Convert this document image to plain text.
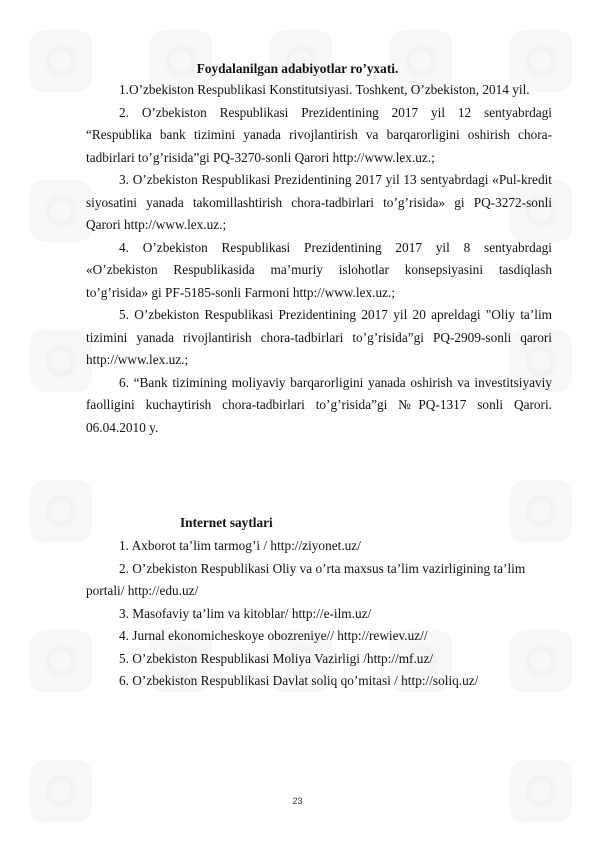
Foydalanilgan adabiyotlar ro’yxati.

1.O’zbekiston Respublikasi Konstitutsiyasi. Toshkent, O’zbekiston, 2014 yil.

2. O’zbekiston Respublikasi Prezidentining 2017 yil 12 sentyabrdagi “Respublika bank tizimini yanada rivojlantirish va barqarorligini oshirish chora-tadbirlari to’g’risida”gi PQ-3270-sonli Qarori http://www.lex.uz.;

3. O’zbekiston Respublikasi Prezidentining 2017 yil 13 sentyabrdagi «Pul-kredit siyosatini yanada takomillashtirish chora-tadbirlari to’g’risida» gi PQ-3272-sonli Qarori http://www.lex.uz.;

4. O’zbekiston Respublikasi Prezidentining 2017 yil 8 sentyabrdagi «O’zbekiston Respublikasida ma’muriy islohotlar konsepsiyasini tasdiqlash to’g’risida» gi PF-5185-sonli Farmoni http://www.lex.uz.;

5. O’zbekiston Respublikasi Prezidentining 2017 yil 20 apreldagi "Oliy ta’lim tizimini yanada rivojlantirish chora-tadbirlari to’g’risida”gi PQ-2909-sonli qarori http://www.lex.uz.;

6. “Bank tizimining moliyaviy barqarorligini yanada oshirish va investitsiyaviy faolligini kuchaytirish chora-tadbirlari to’g’risida”gi №PQ-1317 sonli Qarori. 06.04.2010 y.

Internet saytlari

1. Axborot ta’lim tarmog’i / http://ziyonet.uz/

2. O’zbekiston Respublikasi Oliy va o’rta maxsus ta’lim vazirligining ta’lim portali/ http://edu.uz/

3. Masofaviy ta’lim va kitoblar/ http://e-ilm.uz/

4. Jurnal ekonomicheskoye obozreniye// http://rewiev.uz//

5. O’zbekiston Respublikasi Moliya Vazirligi /http://mf.uz/

6. O’zbekiston Respublikasi Davlat soliq qo’mitasi / http://soliq.uz/

23
